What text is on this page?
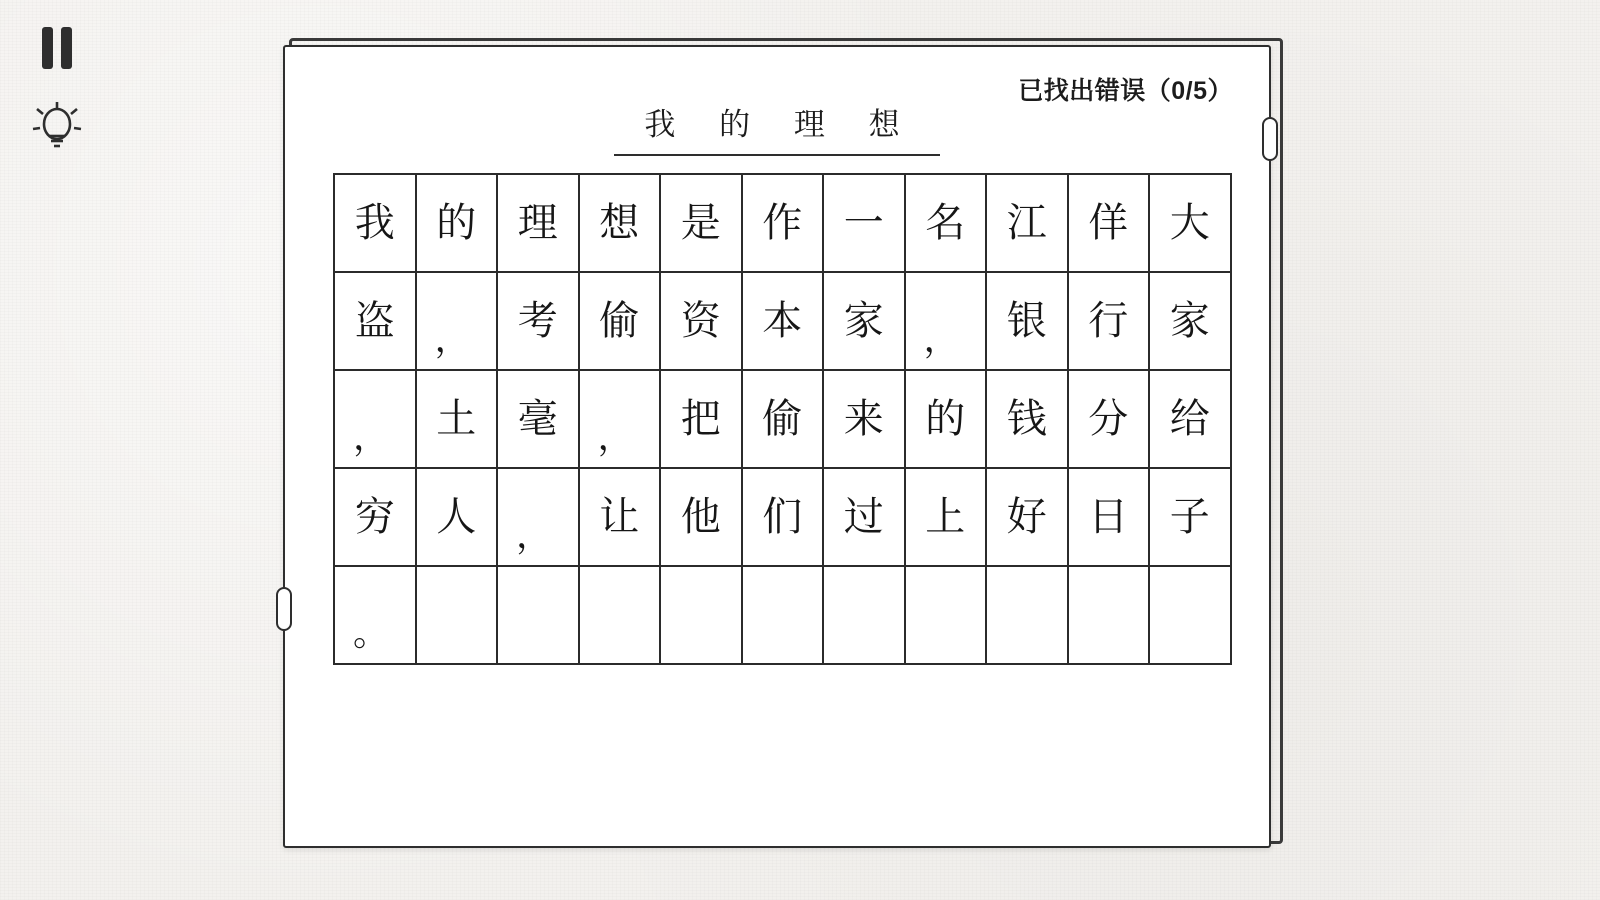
已找出错误（0/5）
我 的 理 想
我	的	理	想	是	作	一	名	江	佯	大
盗	，	考	偷	资	本	家	，	银	行	家
，	土	毫	，	把	偷	来	的	钱	分	给
穷	人	，	让	他	们	过	上	好	日	子
。
